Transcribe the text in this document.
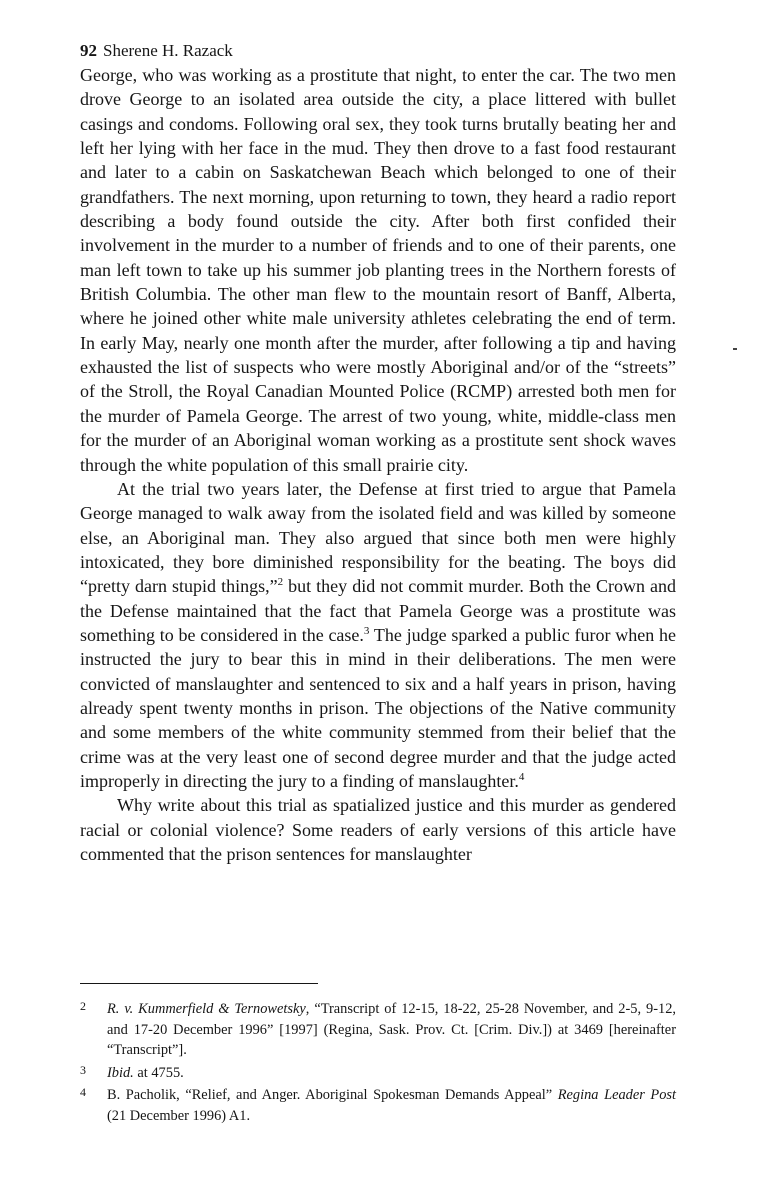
92 Sherene H. Razack

George, who was working as a prostitute that night, to enter the car. The two men drove George to an isolated area outside the city, a place littered with bullet casings and condoms. Following oral sex, they took turns brutally beating her and left her lying with her face in the mud. They then drove to a fast food restaurant and later to a cabin on Saskatchewan Beach which belonged to one of their grandfathers. The next morning, upon returning to town, they heard a radio report describing a body found outside the city. After both first confided their involvement in the murder to a number of friends and to one of their parents, one man left town to take up his summer job planting trees in the Northern forests of British Columbia. The other man flew to the mountain resort of Banff, Alberta, where he joined other white male university athletes celebrating the end of term. In early May, nearly one month after the murder, after following a tip and having exhausted the list of suspects who were mostly Aboriginal and/or of the “streets” of the Stroll, the Royal Canadian Mounted Police (RCMP) arrested both men for the murder of Pamela George. The arrest of two young, white, middle-class men for the murder of an Aboriginal woman working as a prostitute sent shock waves through the white population of this small prairie city.

At the trial two years later, the Defense at first tried to argue that Pamela George managed to walk away from the isolated field and was killed by someone else, an Aboriginal man. They also argued that since both men were highly intoxicated, they bore diminished responsibility for the beating. The boys did “pretty darn stupid things,”$^2$ but they did not commit murder. Both the Crown and the Defense maintained that the fact that Pamela George was a prostitute was something to be considered in the case.$^3$ The judge sparked a public furor when he instructed the jury to bear this in mind in their deliberations. The men were convicted of manslaughter and sentenced to six and a half years in prison, having already spent twenty months in prison. The objections of the Native community and some members of the white community stemmed from their belief that the crime was at the very least one of second degree murder and that the judge acted improperly in directing the jury to a finding of manslaughter.$^4$

Why write about this trial as spatialized justice and this murder as gendered racial or colonial violence? Some readers of early versions of this article have commented that the prison sentences for manslaughter

2 R. v. Kummerfield & Ternowetsky, “Transcript of 12-15, 18-22, 25-28 November, and 2-5, 9-12, and 17-20 December 1996” [1997] (Regina, Sask. Prov. Ct. [Crim. Div.]) at 3469 [hereinafter “Transcript”].
3 Ibid. at 4755.
4 B. Pacholik, “Relief, and Anger. Aboriginal Spokesman Demands Appeal” Regina Leader Post (21 December 1996) A1.
